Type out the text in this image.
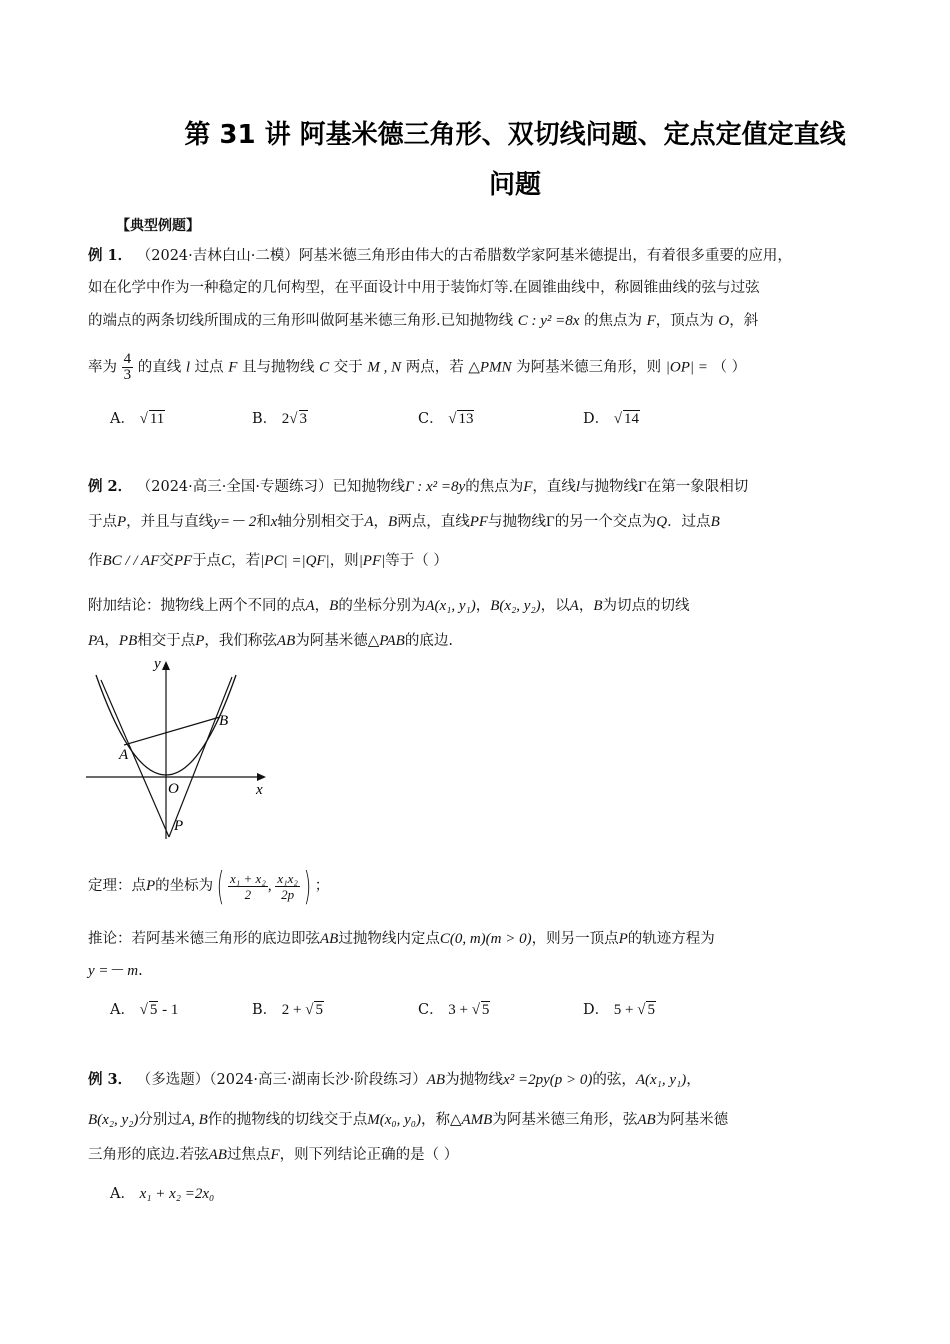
第 31 讲 阿基米德三角形、双切线问题、定点定值定直线
问题
【典型例题】
例 1． （2024·吉林白山·二模）阿基米德三角形由伟大的古希腊数学家阿基米德提出，有着很多重要的应用，
如在化学中作为一种稳定的几何构型，在平面设计中用于装饰灯等.在圆锥曲线中，称圆锥曲线的弦与过弦
的端点的两条切线所围成的三角形叫做阿基米德三角形.已知抛物线 C : y² =8x 的焦点为 F，顶点为 O，斜
率为 $\frac{4}{3}$ 的直线 l 过点 F 且与抛物线 C 交于 M , N 两点，若 △PMN 为阿基米德三角形，则 |OP| = （ ）
A． √ 11	B． 2√ 3	C． √ 13	D． √ 14
例 2． （2024·高三·全国·专题练习）已知抛物线Γ : x² =8y的焦点为F，直线l与抛物线Γ在第一象限相切
于点P，并且与直线y=－ 2和x轴分别相交于A，B两点，直线PF与抛物线Γ的另一个交点为Q．过点B
作BC / / AF交PF于点C，若|PC| =|QF|，则|PF|等于（ ）
附加结论：抛物线上两个不同的点A，B的坐标分别为A(x₁, y₁)，B(x₂, y₂)，以A，B为切点的切线
PA，PB相交于点P，我们称弦AB为阿基米德△PAB的底边.
y
x
A
B
O
P
定理：点P的坐标为( $\frac{\text{x₁ + x₂}}{2}$ , $\frac{\text{x₁x₂}}{2p}$ ) ；
推论：若阿基米德三角形的底边即弦AB过抛物线内定点C(0, m)(m > 0)，则另一顶点P的轨迹方程为
y =－ m.
A． √ 5 - 1	B． 2 + √ 5	C． 3 + √ 5	D． 5 + √ 5
例 3． （多选题）（2024·高三·湖南长沙·阶段练习）AB为抛物线x² =2py(p > 0)的弦，A(x₁, y₁)，
B(x₂, y₂)分别过A, B作的抛物线的切线交于点M(x₀, y₀)，称△AMB为阿基米德三角形，弦AB为阿基米德
三角形的底边.若弦AB过焦点F，则下列结论正确的是（ ）
A． x₁ + x₂ =2x₀
